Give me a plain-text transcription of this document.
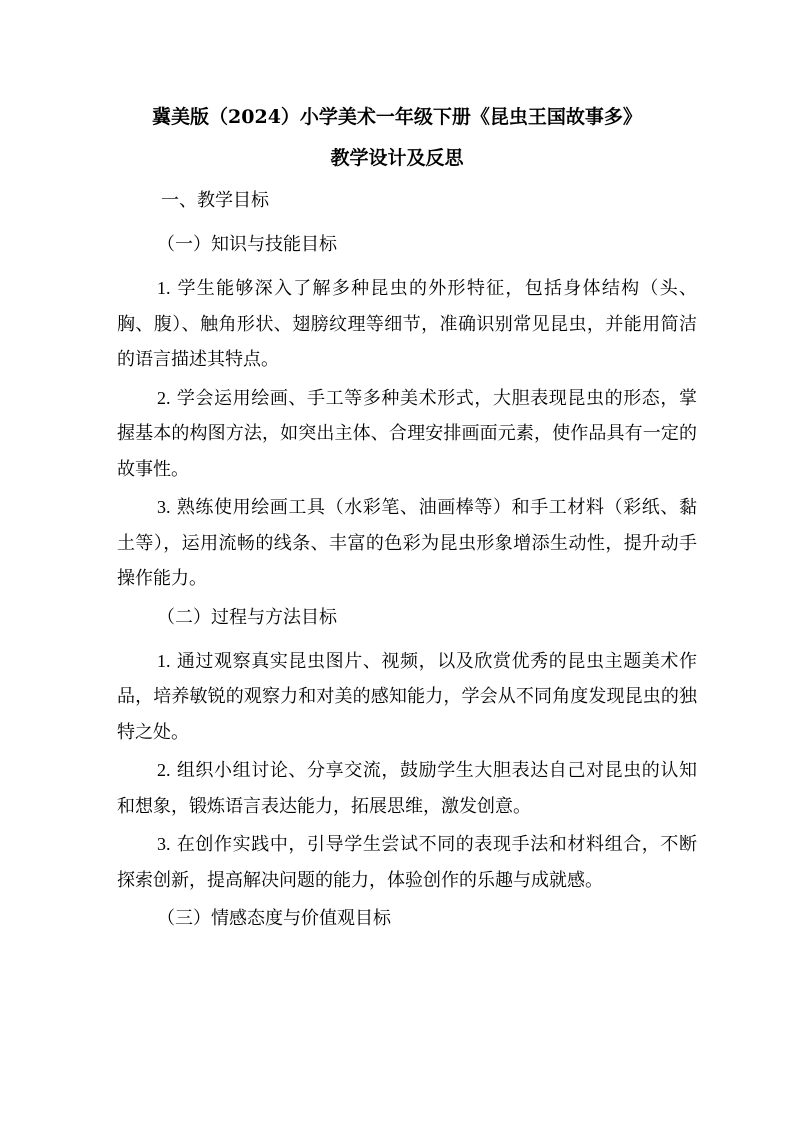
冀美版（2024）小学美术一年级下册《昆虫王国故事多》
教学设计及反思

一、教学目标

（一）知识与技能目标

1. 学生能够深入了解多种昆虫的外形特征，包括身体结构（头、胸、腹）、触角形状、翅膀纹理等细节，准确识别常见昆虫，并能用简洁的语言描述其特点。

2. 学会运用绘画、手工等多种美术形式，大胆表现昆虫的形态，掌握基本的构图方法，如突出主体、合理安排画面元素，使作品具有一定的故事性。

3. 熟练使用绘画工具（水彩笔、油画棒等）和手工材料（彩纸、黏土等），运用流畅的线条、丰富的色彩为昆虫形象增添生动性，提升动手操作能力。

（二）过程与方法目标

1. 通过观察真实昆虫图片、视频，以及欣赏优秀的昆虫主题美术作品，培养敏锐的观察力和对美的感知能力，学会从不同角度发现昆虫的独特之处。

2. 组织小组讨论、分享交流，鼓励学生大胆表达自己对昆虫的认知和想象，锻炼语言表达能力，拓展思维，激发创意。

3. 在创作实践中，引导学生尝试不同的表现手法和材料组合，不断探索创新，提高解决问题的能力，体验创作的乐趣与成就感。

（三）情感态度与价值观目标
